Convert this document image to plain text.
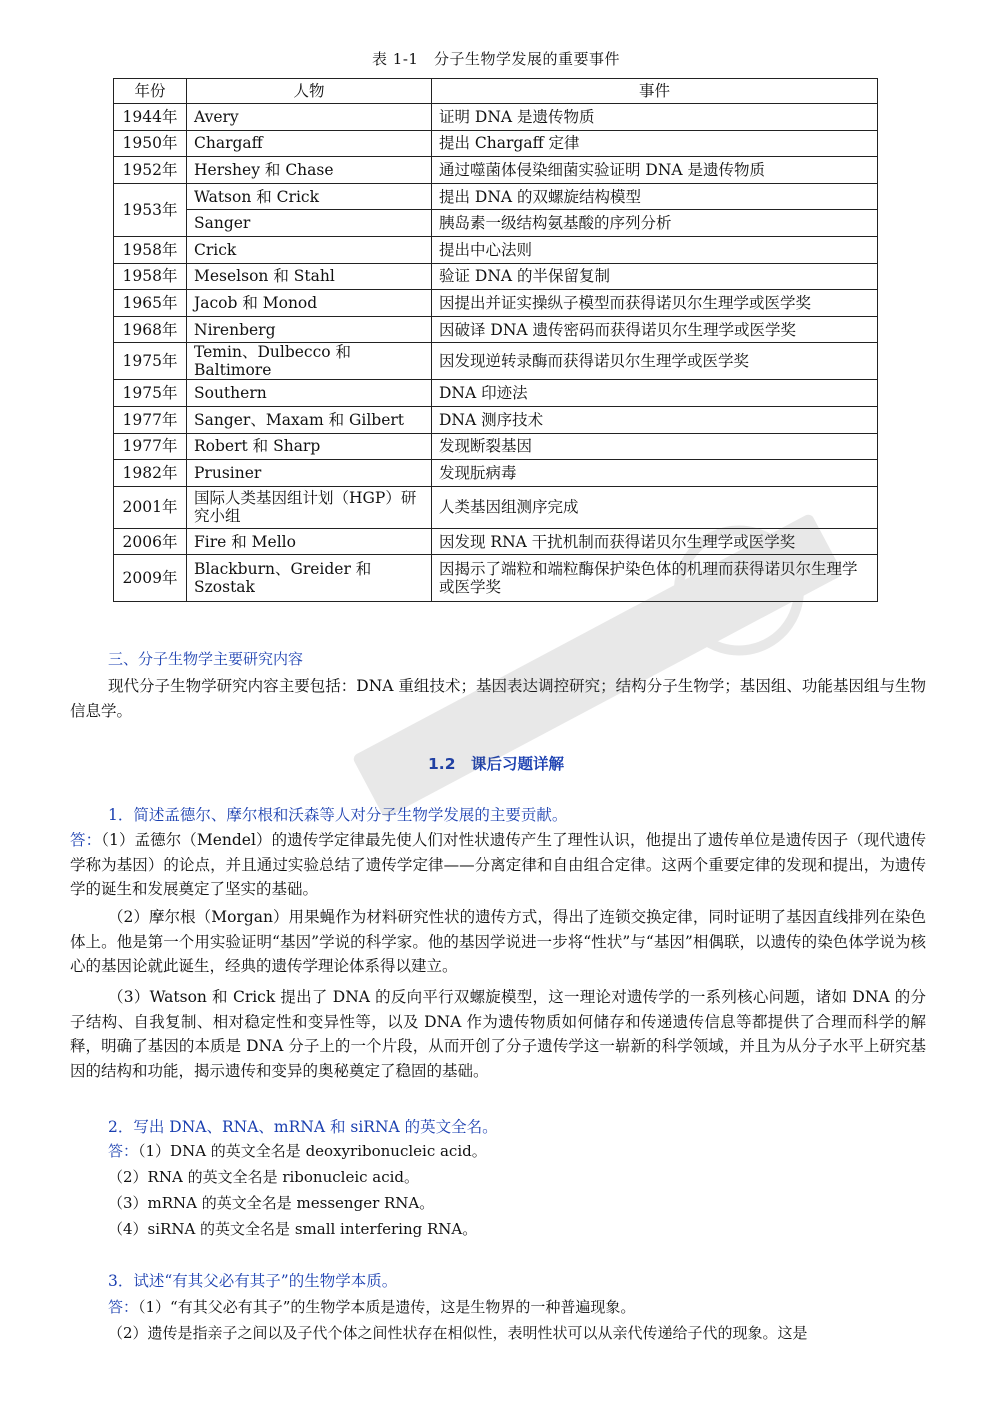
表 1-1　分子生物学发展的重要事件
年份	人物	事件
1944年	Avery	证明 DNA 是遗传物质
1950年	Chargaff	提出 Chargaff 定律
1952年	Hershey 和 Chase	通过噬菌体侵染细菌实验证明 DNA 是遗传物质
1953年	Watson 和 Crick	提出 DNA 的双螺旋结构模型
	Sanger	胰岛素一级结构氨基酸的序列分析
1958年	Crick	提出中心法则
1958年	Meselson 和 Stahl	验证 DNA 的半保留复制
1965年	Jacob 和 Monod	因提出并证实操纵子模型而获得诺贝尔生理学或医学奖
1968年	Nirenberg	因破译 DNA 遗传密码而获得诺贝尔生理学或医学奖
1975年	Temin、Dulbecco 和 Baltimore	因发现逆转录酶而获得诺贝尔生理学或医学奖
1975年	Southern	DNA 印迹法
1977年	Sanger、Maxam 和 Gilbert	DNA 测序技术
1977年	Robert 和 Sharp	发现断裂基因
1982年	Prusiner	发现朊病毒
2001年	国际人类基因组计划（HGP）研究小组	人类基因组测序完成
2006年	Fire 和 Mello	因发现 RNA 干扰机制而获得诺贝尔生理学或医学奖
2009年	Blackburn、Greider 和 Szostak	因揭示了端粒和端粒酶保护染色体的机理而获得诺贝尔生理学或医学奖
三、分子生物学主要研究内容
现代分子生物学研究内容主要包括：DNA 重组技术；基因表达调控研究；结构分子生物学；基因组、功能基因组与生物信息学。
1.2　课后习题详解
1．简述孟德尔、摩尔根和沃森等人对分子生物学发展的主要贡献。
答：（1）孟德尔（Mendel）的遗传学定律最先使人们对性状遗传产生了理性认识，他提出了遗传单位是遗传因子（现代遗传学称为基因）的论点，并且通过实验总结了遗传学定律——分离定律和自由组合定律。这两个重要定律的发现和提出，为遗传学的诞生和发展奠定了坚实的基础。
（2）摩尔根（Morgan）用果蝇作为材料研究性状的遗传方式，得出了连锁交换定律，同时证明了基因直线排列在染色体上。他是第一个用实验证明“基因”学说的科学家。他的基因学说进一步将“性状”与“基因”相偶联，以遗传的染色体学说为核心的基因论就此诞生，经典的遗传学理论体系得以建立。
（3）Watson 和 Crick 提出了 DNA 的反向平行双螺旋模型，这一理论对遗传学的一系列核心问题，诸如 DNA 的分子结构、自我复制、相对稳定性和变异性等，以及 DNA 作为遗传物质如何储存和传递遗传信息等都提供了合理而科学的解释，明确了基因的本质是 DNA 分子上的一个片段，从而开创了分子遗传学这一崭新的科学领域，并且为从分子水平上研究基因的结构和功能，揭示遗传和变异的奥秘奠定了稳固的基础。
2．写出 DNA、RNA、mRNA 和 siRNA 的英文全名。
答：（1）DNA 的英文全名是 deoxyribonucleic acid。
（2）RNA 的英文全名是 ribonucleic acid。
（3）mRNA 的英文全名是 messenger RNA。
（4）siRNA 的英文全名是 small interfering RNA。
3．试述“有其父必有其子”的生物学本质。
答：（1）“有其父必有其子”的生物学本质是遗传，这是生物界的一种普遍现象。
（2）遗传是指亲子之间以及子代个体之间性状存在相似性，表明性状可以从亲代传递给子代的现象。这是
